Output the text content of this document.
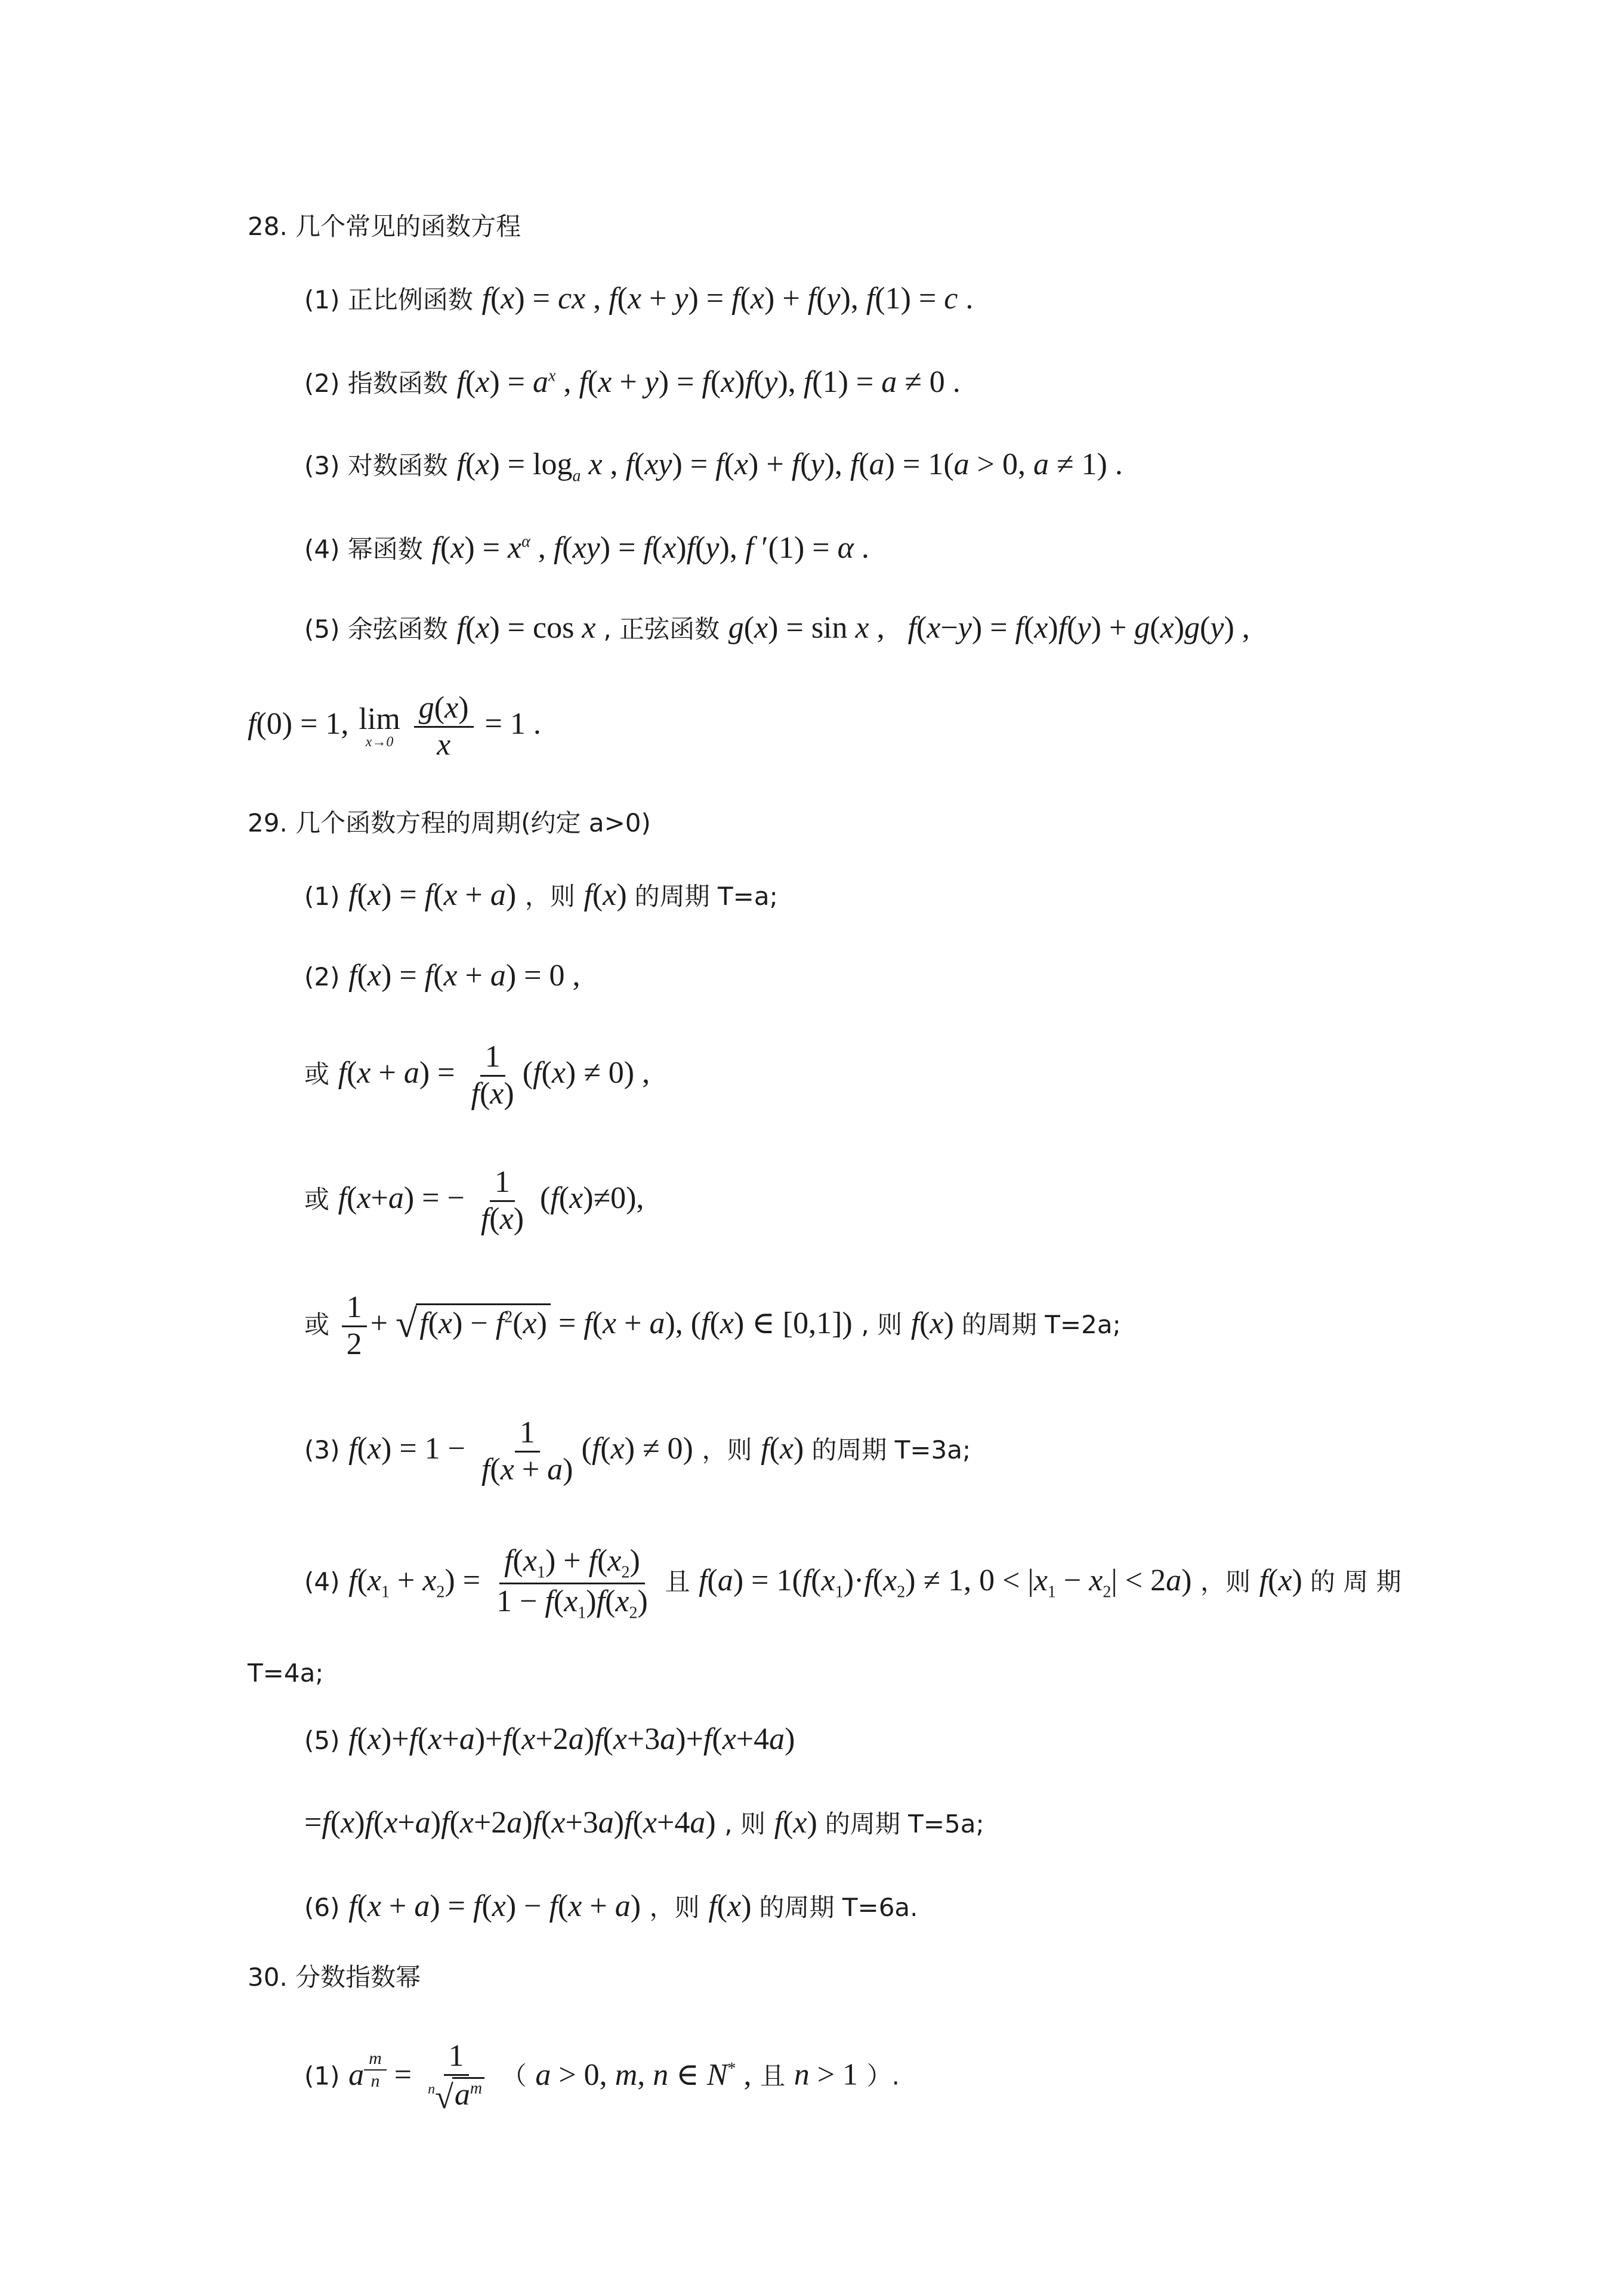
28. 几个常见的函数方程
(1) 正比例函数 f(x) = cx , f(x + y) = f(x) + f(y), f(1) = c .
(2) 指数函数 $f(x) = a^x$ , f(x + y) = f(x)f(y), f(1) = a ≠ 0 .
(3) 对数函数 $f(x) = \log_a x$ , f(xy) = f(x) + f(y), f(a) = 1(a > 0, a ≠ 1) .
(4) 幂函数 $f(x) = x^\alpha$ , f(xy) = f(x)f(y), f ′(1) = α .
(5) 余弦函数 f(x) = cos x , 正弦函数 g(x) = sin x ,   f(x−y) = f(x)f(y) + g(x)g(y) ,
f(0) = 1, lim
x→0
$\frac{g(x)}{x} = 1$ .
29. 几个函数方程的周期(约定 a>0)
(1) f(x) = f(x + a) ，则 f(x) 的周期 T=a;
(2) f(x) = f(x + a) = 0 ,
或 $f(x + a) = \frac{1}{f(x)} (f(x) \ne 0)$ ,
或 f(x+a) = − $\frac{1}{f(x)} (f(x)\ne 0)$,
或 $\frac{1}{2} + √f(x) - f^2(x) = f(x + a)$, (f(x) ∈ [0,1]) , 则 f(x) 的周期 T=2a;
(3) $f(x) = 1 - \frac{1}{f(x + a)} (f(x) \ne 0)$ ，则 f(x) 的周期 T=3a;
(4) $f(x_1 + x_2) = \frac{f(x_1) + f(x_2)}{1 - f(x_1)f(x_2)}$ 且 $f(a) = 1(f(x_1)\cdot f(x_2) \ne 1$, $0 < |x_1 - x_2| < 2a$) ，则 f(x) 的 周 期
T=4a;
(5) f(x)+f(x+a)+f(x+2a)f(x+3a)+f(x+4a)
=f(x)f(x+a)f(x+2a)f(x+3a)f(x+4a) , 则 f(x) 的周期 T=5a;
(6) f(x + a) = f(x) − f(x + a) ，则 f(x) 的周期 T=6a.
30. 分数指数幂
(1) a $^{\frac{m}{n}} = \frac{1}{^n√a^m}$ （ a > 0, m, n ∈ N* , 且 n > 1 ）.
